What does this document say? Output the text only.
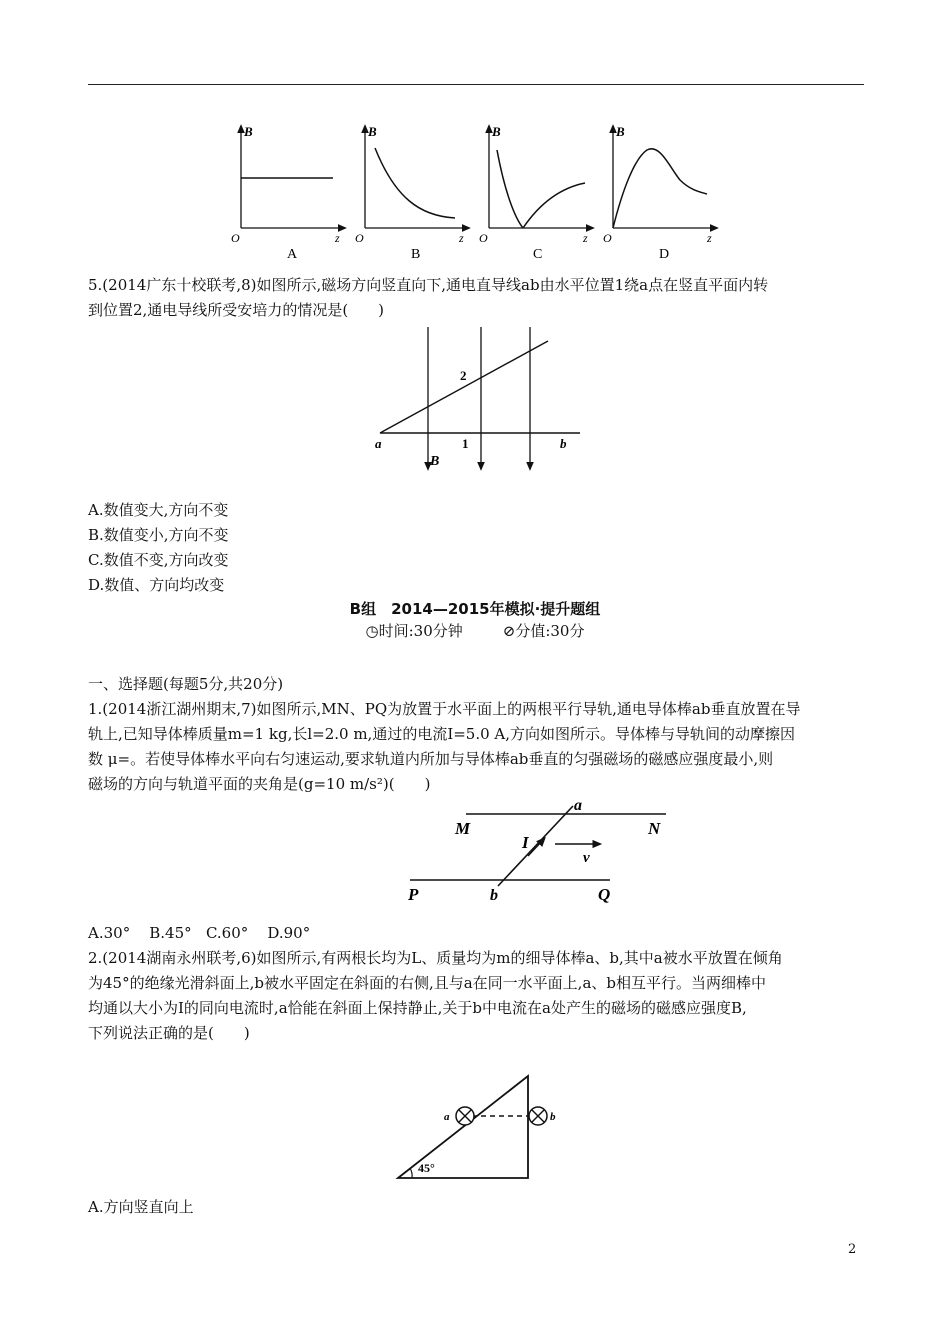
B
O	z
A
B
O	z
B
B
O	z
C
B
O	z
D
5.(2014广东十校联考,8)如图所示,磁场方向竖直向下,通电直导线ab由水平位置1绕a点在竖直平面内转
到位置2,通电导线所受安培力的情况是(　　)
a	b
1
2
B
A.数值变大,方向不变
B.数值变小,方向不变
C.数值不变,方向改变
D.数值、方向均改变
B组　2014—2015年模拟·提升题组
◷时间:30分钟	⊘分值:30分
一、选择题(每题5分,共20分)
1.(2014浙江湖州期末,7)如图所示,MN、PQ为放置于水平面上的两根平行导轨,通电导体棒ab垂直放置在导
轨上,已知导体棒质量m=1 kg,长l=2.0 m,通过的电流I=5.0 A,方向如图所示。导体棒与导轨间的动摩擦因
数 μ=。若使导体棒水平向右匀速运动,要求轨道内所加与导体棒ab垂直的匀强磁场的磁感应强度最小,则
磁场的方向与轨道平面的夹角是(g=10 m/s²)(　　)
M	N
P	Q
a
b
I
v
A.30° B.45° C.60° D.90°
2.(2014湖南永州联考,6)如图所示,有两根长均为L、质量均为m的细导体棒a、b,其中a被水平放置在倾角
为45°的绝缘光滑斜面上,b被水平固定在斜面的右侧,且与a在同一水平面上,a、b相互平行。当两细棒中
均通以大小为I的同向电流时,a恰能在斜面上保持静止,关于b中电流在a处产生的磁场的磁感应强度B,
下列说法正确的是(　　)
a	b
45°
A.方向竖直向上
2
